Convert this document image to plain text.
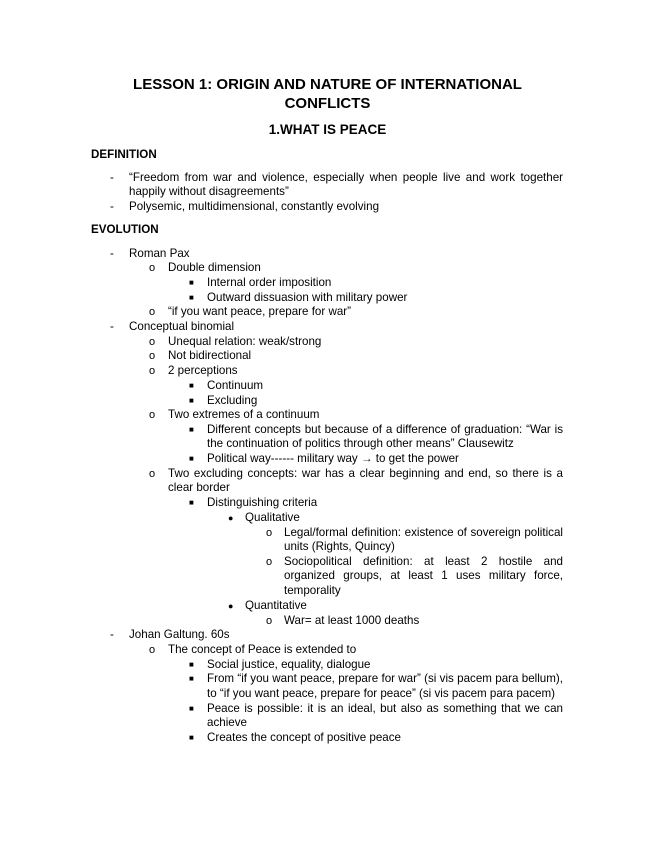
LESSON 1: ORIGIN AND NATURE OF INTERNATIONAL
CONFLICTS
1.WHAT IS PEACE
DEFINITION
- “Freedom from war and violence, especially when people live and work together
happily without disagreements”
- Polysemic, multidimensional, constantly evolving
EVOLUTION
- Roman Pax
o Double dimension
■ Internal order imposition
■ Outward dissuasion with military power
o “if you want peace, prepare for war”
- Conceptual binomial
o Unequal relation: weak/strong
o Not bidirectional
o 2 perceptions
■ Continuum
■ Excluding
o Two extremes of a continuum
■ Different concepts but because of a difference of graduation: “War is
the continuation of politics through other means” Clausewitz
■ Political way------ military way → to get the power
o Two excluding concepts: war has a clear beginning and end, so there is a
clear border
■ Distinguishing criteria
● Qualitative
o Legal/formal definition: existence of sovereign political
units (Rights, Quincy)
o Sociopolitical definition: at least 2 hostile and
organized groups, at least 1 uses military force,
temporality
● Quantitative
o War= at least 1000 deaths
- Johan Galtung. 60s
o The concept of Peace is extended to
■ Social justice, equality, dialogue
■ From “if you want peace, prepare for war” (si vis pacem para bellum),
to “if you want peace, prepare for peace” (si vis pacem para pacem)
■ Peace is possible: it is an ideal, but also as something that we can
achieve
■ Creates the concept of positive peace
